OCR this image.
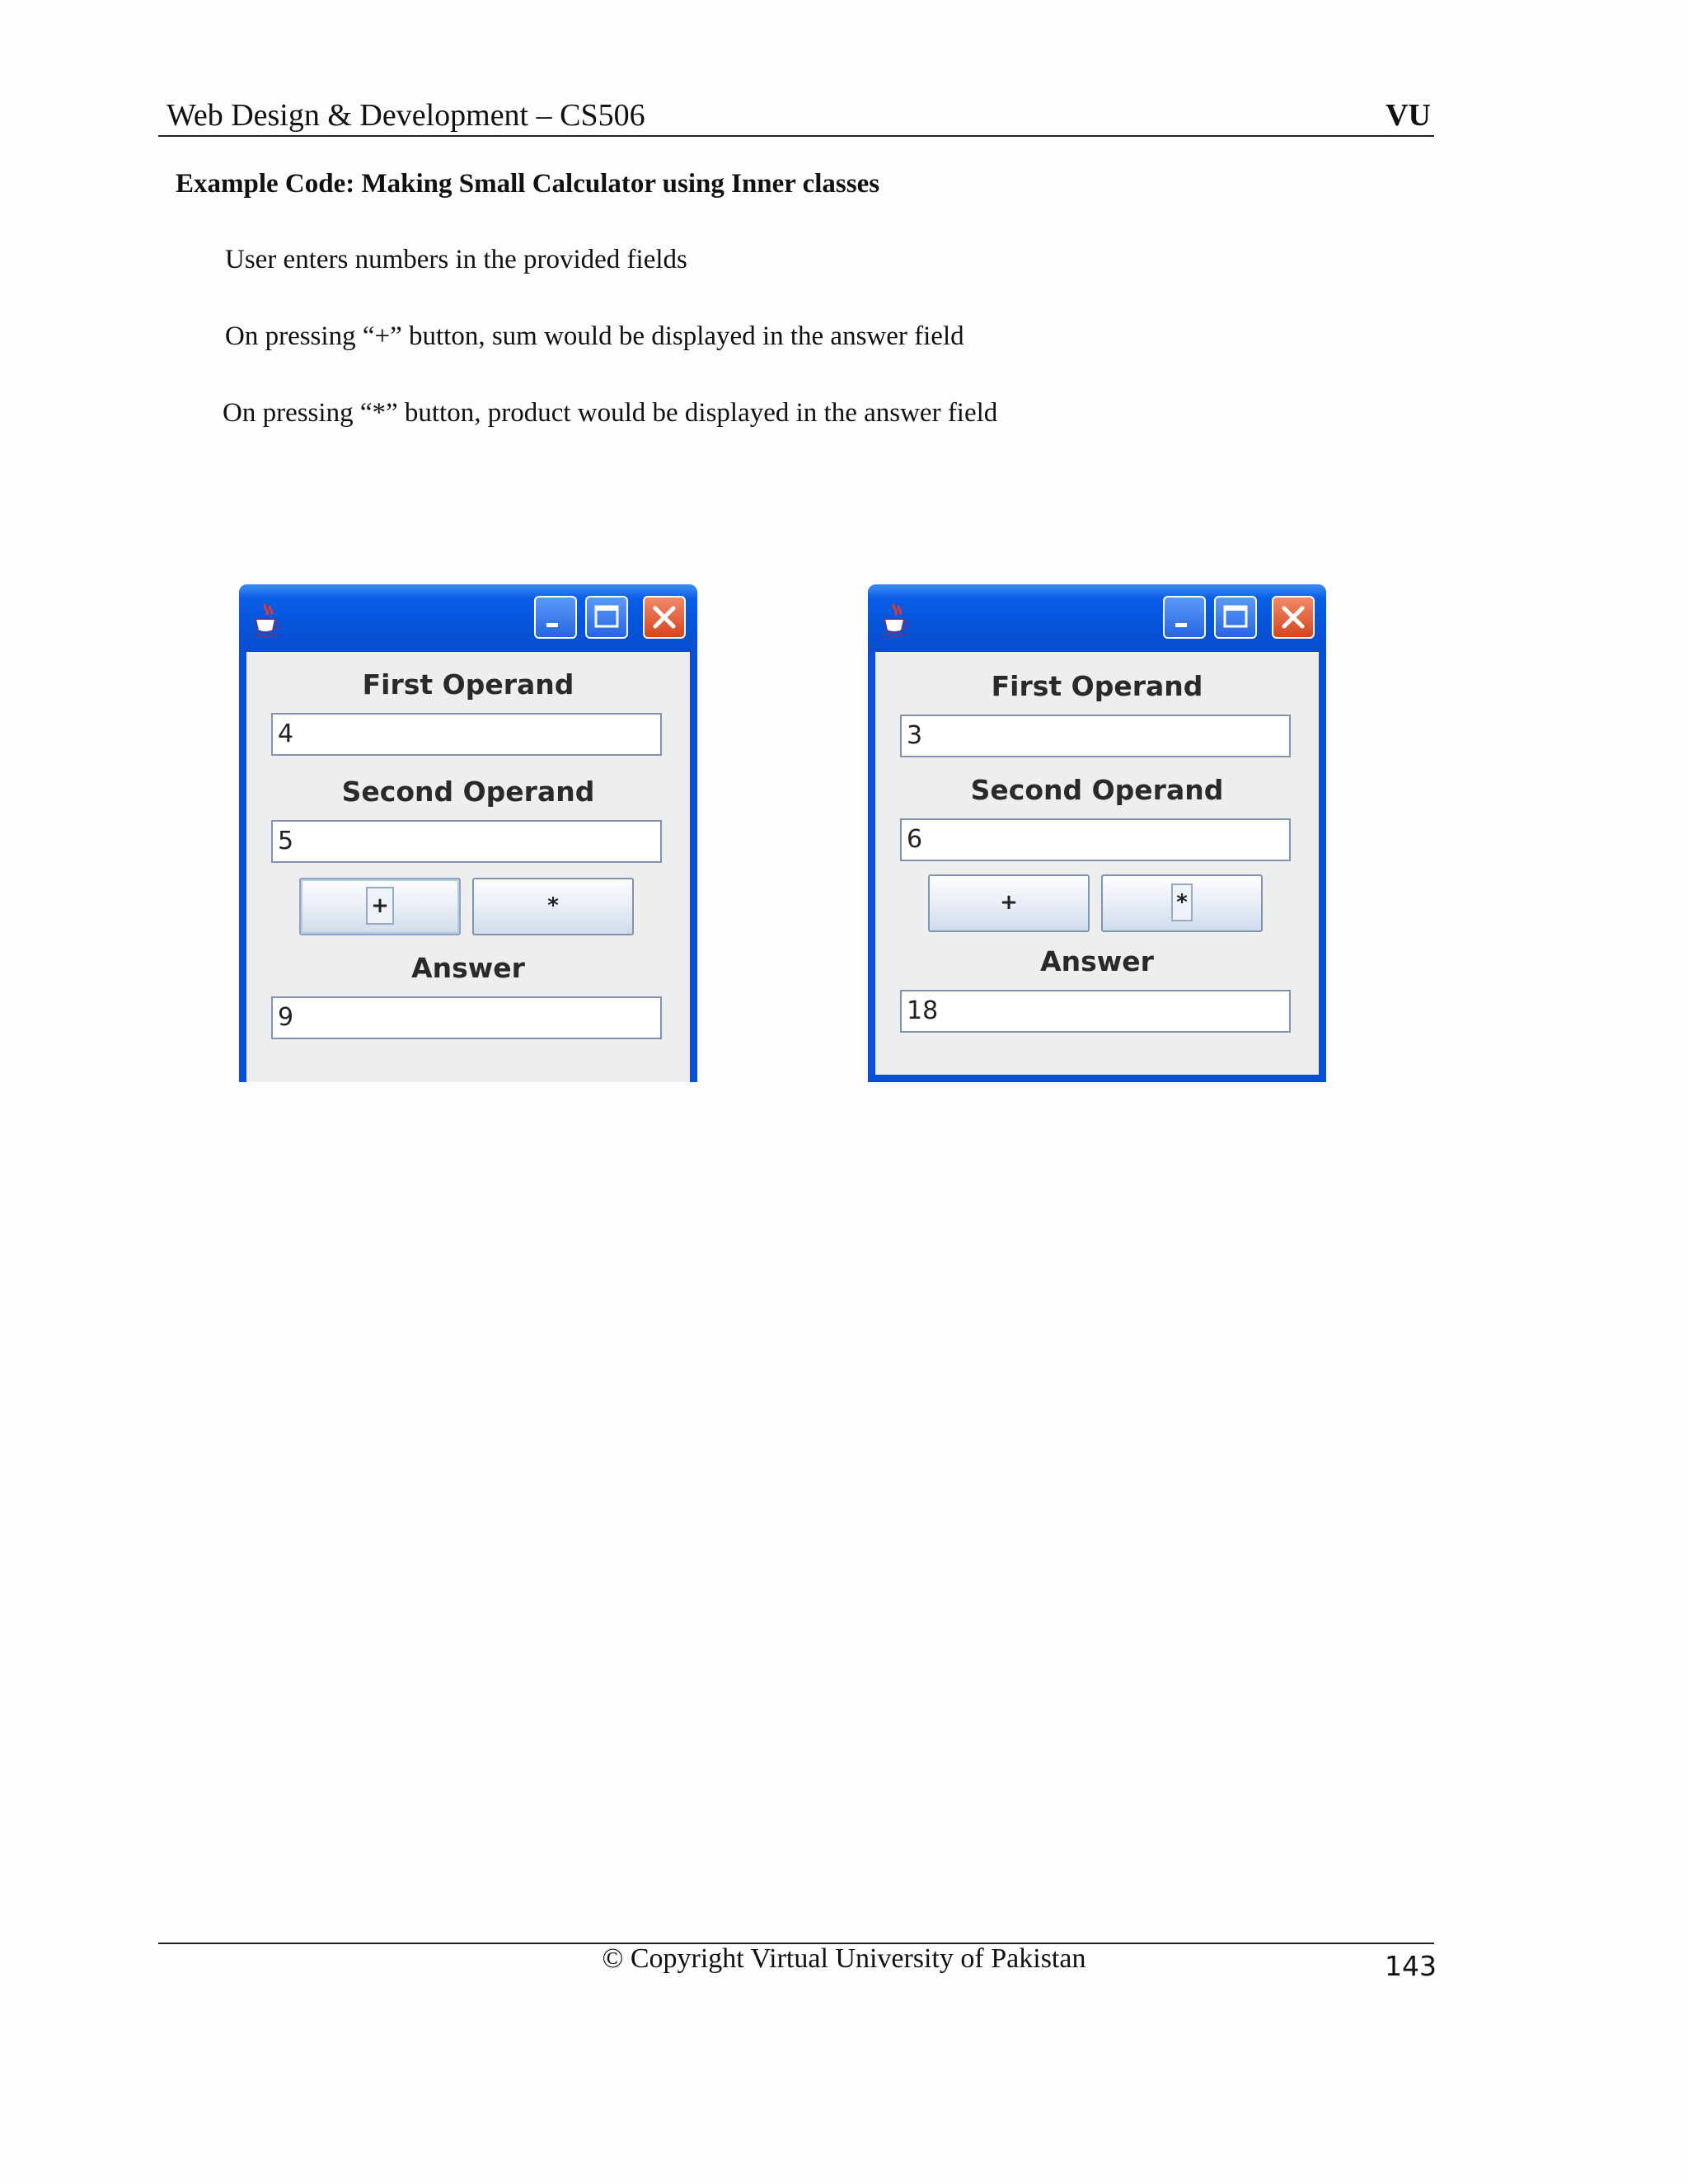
Web Design & Development – CS506	VU
Example Code: Making Small Calculator using Inner classes
User enters numbers in the provided fields
On pressing “+” button, sum would be displayed in the answer field
On pressing “*” button, product would be displayed in the answer field
First Operand
4
Second Operand
5
+	*
Answer
9
First Operand
3
Second Operand
6
+	*
Answer
18
© Copyright Virtual University of Pakistan	143
